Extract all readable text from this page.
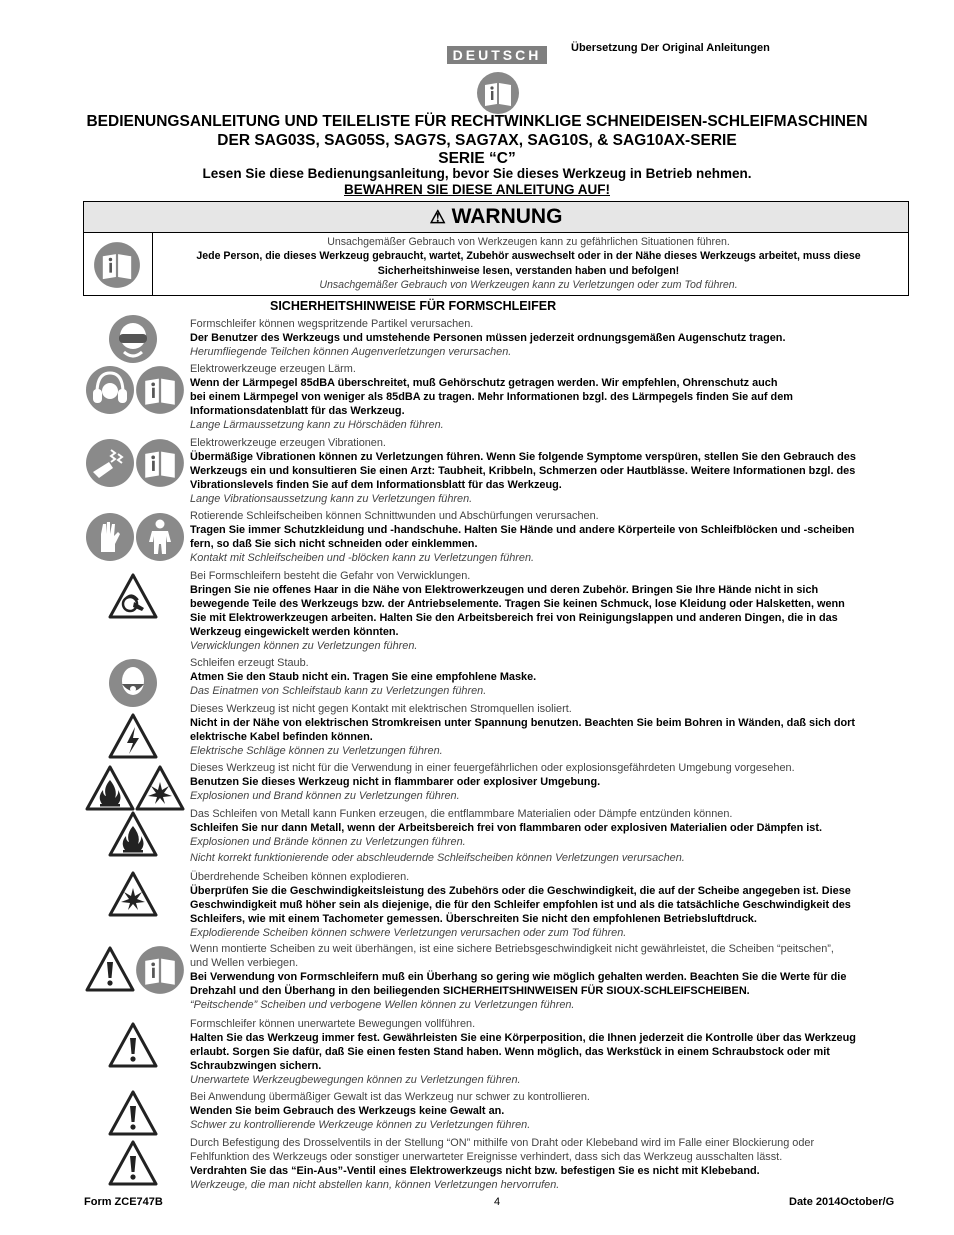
DEUTSCH	Übersetzung Der Original Anleitungen
BEDIENUNGSANLEITUNG UND TEILELISTE FÜR RECHTWINKLIGE SCHNEIDEISEN-SCHLEIFMASCHINEN
DER SAG03S, SAG05S, SAG7S, SAG7AX, SAG10S, & SAG10AX-SERIE
SERIE “C”
Lesen Sie diese Bedienungsanleitung, bevor Sie dieses Werkzeug in Betrieb nehmen.
BEWAHREN SIE DIESE ANLEITUNG AUF!
⚠ WARNUNG
Unsachgemäßer Gebrauch von Werkzeugen kann zu gefährlichen Situationen führen.
Jede Person, die dieses Werkzeug gebraucht, wartet, Zubehör auswechselt oder in der Nähe dieses Werkzeugs arbeitet, muss diese
Sicherheitshinweise lesen, verstanden haben und befolgen!
Unsachgemäßer Gebrauch von Werkzeugen kann zu Verletzungen oder zum Tod führen.
SICHERHEITSHINWEISE FÜR FORMSCHLEIFER
Formschleifer können wegspritzende Partikel verursachen.
Der Benutzer des Werkzeugs und umstehende Personen müssen jederzeit ordnungsgemäßen Augenschutz tragen.
Herumfliegende Teilchen können Augenverletzungen verursachen.
Elektrowerkzeuge erzeugen Lärm.
Wenn der Lärmpegel 85dBA überschreitet, muß Gehörschutz getragen werden. Wir empfehlen, Ohrenschutz auch
bei einem Lärmpegel von weniger als 85dBA zu tragen. Mehr Informationen bzgl. des Lärmpegels finden Sie auf dem
Informationsdatenblatt für das Werkzeug.
Lange Lärmaussetzung kann zu Hörschäden führen.
Elektrowerkzeuge erzeugen Vibrationen.
Übermäßige Vibrationen können zu Verletzungen führen. Wenn Sie folgende Symptome verspüren, stellen Sie den Gebrauch des
Werkzeugs ein und konsultieren Sie einen Arzt: Taubheit, Kribbeln, Schmerzen oder Hautblässe. Weitere Informationen bzgl. des
Vibrationslevels finden Sie auf dem Informationsblatt für das Werkzeug.
Lange Vibrationsaussetzung kann zu Verletzungen führen.
Rotierende Schleifscheiben können Schnittwunden und Abschürfungen verursachen.
Tragen Sie immer Schutzkleidung und -handschuhe. Halten Sie Hände und andere Körperteile von Schleifblöcken und -scheiben
fern, so daß Sie sich nicht schneiden oder einklemmen.
Kontakt mit Schleifscheiben und -blöcken kann zu Verletzungen führen.
Bei Formschleifern besteht die Gefahr von Verwicklungen.
Bringen Sie nie offenes Haar in die Nähe von Elektrowerkzeugen und deren Zubehör. Bringen Sie Ihre Hände nicht in sich
bewegende Teile des Werkzeugs bzw. der Antriebselemente. Tragen Sie keinen Schmuck, lose Kleidung oder Halsketten, wenn
Sie mit Elektrowerkzeugen arbeiten. Halten Sie den Arbeitsbereich frei von Reinigungslappen und anderen Dingen, die in das
Werkzeug eingewickelt werden könnten.
Verwicklungen können zu Verletzungen führen.
Schleifen erzeugt Staub.
Atmen Sie den Staub nicht ein. Tragen Sie eine empfohlene Maske.
Das Einatmen von Schleifstaub kann zu Verletzungen führen.
Dieses Werkzeug ist nicht gegen Kontakt mit elektrischen Stromquellen isoliert.
Nicht in der Nähe von elektrischen Stromkreisen unter Spannung benutzen. Beachten Sie beim Bohren in Wänden, daß sich dort
elektrische Kabel befinden können.
Elektrische Schläge können zu Verletzungen führen.
Dieses Werkzeug ist nicht für die Verwendung in einer feuergefährlichen oder explosionsgefährdeten Umgebung vorgesehen.
Benutzen Sie dieses Werkzeug nicht in flammbarer oder explosiver Umgebung.
Explosionen und Brand können zu Verletzungen führen.
Das Schleifen von Metall kann Funken erzeugen, die entflammbare Materialien oder Dämpfe entzünden können.
Schleifen Sie nur dann Metall, wenn der Arbeitsbereich frei von flammbaren oder explosiven Materialien oder Dämpfen ist.
Explosionen und Brände können zu Verletzungen führen.
Nicht korrekt funktionierende oder abschleudernde Schleifscheiben können Verletzungen verursachen.
Überdrehende Scheiben können explodieren.
Überprüfen Sie die Geschwindigkeitsleistung des Zubehörs oder die Geschwindigkeit, die auf der Scheibe angegeben ist. Diese
Geschwindigkeit muß höher sein als diejenige, die für den Schleifer empfohlen ist und als die tatsächliche Geschwindigkeit des
Schleifers, wie mit einem Tachometer gemessen. Überschreiten Sie nicht den empfohlenen Betriebsluftdruck.
Explodierende Scheiben können schwere Verletzungen verursachen oder zum Tod führen.
Wenn montierte Scheiben zu weit überhängen, ist eine sichere Betriebsgeschwindigkeit nicht gewährleistet, die Scheiben “peitschen”,
und Wellen verbiegen.
Bei Verwendung von Formschleifern muß ein Überhang so gering wie möglich gehalten werden. Beachten Sie die Werte für die
Drehzahl und den Überhang in den beiliegenden SICHERHEITSHINWEISEN FÜR SIOUX-SCHLEIFSCHEIBEN.
“Peitschende” Scheiben und verbogene Wellen können zu Verletzungen führen.
Formschleifer können unerwartete Bewegungen vollführen.
Halten Sie das Werkzeug immer fest. Gewährleisten Sie eine Körperposition, die Ihnen jederzeit die Kontrolle über das Werkzeug
erlaubt. Sorgen Sie dafür, daß Sie einen festen Stand haben. Wenn möglich, das Werkstück in einem Schraubstock oder mit
Schraubzwingen sichern.
Unerwartete Werkzeugbewegungen können zu Verletzungen führen.
Bei Anwendung übermäßiger Gewalt ist das Werkzeug nur schwer zu kontrollieren.
Wenden Sie beim Gebrauch des Werkzeugs keine Gewalt an.
Schwer zu kontrollierende Werkzeuge können zu Verletzungen führen.
Durch Befestigung des Drosselventils in der Stellung “ON” mithilfe von Draht oder Klebeband wird im Falle einer Blockierung oder
Fehlfunktion des Werkzeugs oder sonstiger unerwarteter Ereignisse verhindert, dass sich das Werkzeug ausschalten lässt.
Verdrahten Sie das “Ein-Aus”-Ventil eines Elektrowerkzeugs nicht bzw. befestigen Sie es nicht mit Klebeband.
Werkzeuge, die man nicht abstellen kann, können Verletzungen hervorrufen.
Form ZCE747B	4	Date 2014October/G
